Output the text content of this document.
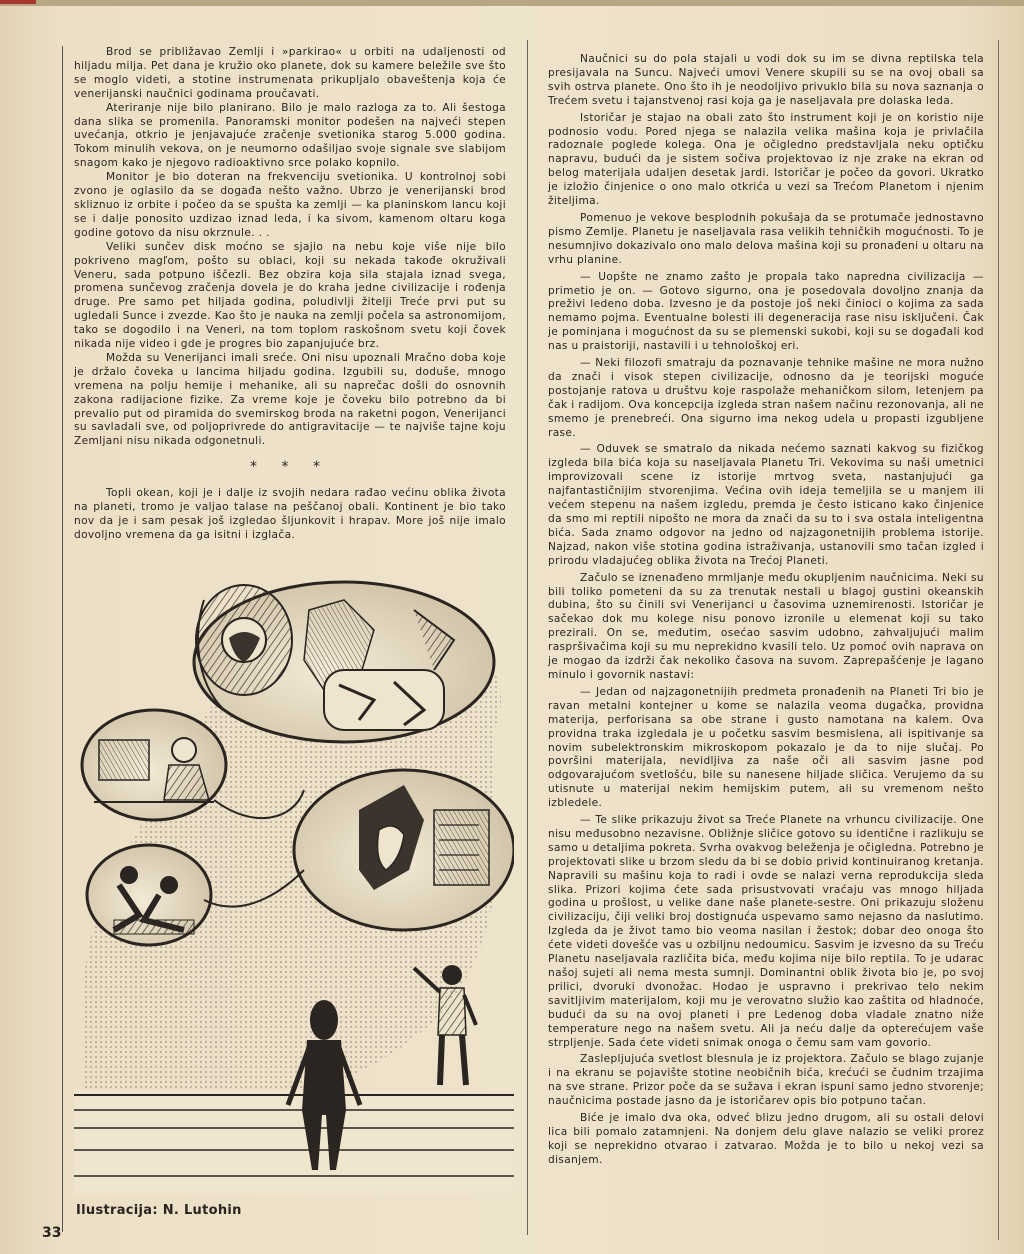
Brod se približavao Zemlji i »parkirao« u orbiti na udaljenosti od hiljadu milja. Pet dana je kružio oko planete, dok su kamere beležile sve što se moglo videti, a stotine instrumenata prikupljalo obaveštenja koja će venerijanski naučnici godinama proučavati.

Ateriranje nije bilo planirano. Bilo je malo razloga za to. Ali šestoga dana slika se promenila. Panoramski monitor podešen na najveći stepen uvećanja, otkrio je jenjavajuće zračenje svetionika starog 5.000 godina. Tokom minulih vekova, on je neumorno odašiljao svoje signale sve slabijom snagom kako je njegovo radioaktivno srce polako kopnilo.

Monitor je bio doteran na frekvenciju svetionika. U kontrolnoj sobi zvono je oglasilo da se događa nešto važno. Ubrzo je venerijanski brod skliznuo iz orbite i počeo da se spušta ka zemlji — ka planinskom lancu koji se i dalje ponosito uzdizao iznad leda, i ka sivom, kamenom oltaru koga godine gotovo da nisu okrznule. . .

Veliki sunčev disk moćno se sjajio na nebu koje više nije bilo pokriveno magľom, pošto su oblaci, koji su nekada takođe okruživali Veneru, sada potpuno iščezli. Bez obzira koja sila stajala iznad svega, promena sunčevog zračenja dovela je do kraha jedne civilizacije i rođenja druge. Pre samo pet hiljada godina, poludivlji žitelji Treće prvi put su ugledali Sunce i zvezde. Kao što je nauka na zemlji počela sa astronomijom, tako se dogodilo i na Veneri, na tom toplom raskošnom svetu koji čovek nikada nije video i gde je progres bio zapanjujuće brz.

Možda su Venerijanci imali sreće. Oni nisu upoznali Mračno doba koje je držalo čoveka u lancima hiljadu godina. Izgubili su, doduše, mnogo vremena na polju hemije i mehanike, ali su naprečac došli do osnovnih zakona radijacione fizike. Za vreme koje je čoveku bilo potrebno da bi prevalio put od piramida do svemirskog broda na raketni pogon, Venerijanci su savladali sve, od poljoprivrede do antigravitacije — te najviše tajne koju Zemljani nisu nikada odgonetnuli.

* * *

Topli okean, koji je i dalje iz svojih nedara rađao većinu oblika života na planeti, tromo je valjao talase na peščanoj obali. Kontinent je bio tako nov da je i sam pesak još izgledao šljunkovit i hrapav. More još nije imalo dovoljno vremena da ga isitni i izglača.

Naučnici su do pola stajali u vodi dok su im se divna reptilska tela presijavala na Suncu. Najveći umovi Venere skupili su se na ovoj obali sa svih ostrva planete. Ono što ih je neodoljivo privuklo bila su nova saznanja o Trećem svetu i tajanstvenoj rasi koja ga je naseljavala pre dolaska leda.

Istoričar je stajao na obali zato što instrument koji je on koristio nije podnosio vodu. Pored njega se nalazila velika mašina koja je privlačila radoznale poglede kolega. Ona je očigledno predstavljala neku optičku napravu, budući da je sistem sočiva projektovao iz nje zrake na ekran od belog materijala udaljen desetak jardi. Istoričar je počeo da govori. Ukratko je izložio činjenice o ono malo otkrića u vezi sa Trećom Planetom i njenim žiteljima.

Pomenuo je vekove besplodnih pokušaja da se protumače jednostavno pismo Zemlje. Planetu je naseljavala rasa velikih tehničkih mogućnosti. To je nesumnjivo dokazivalo ono malo delova mašina koji su pronađeni u oltaru na vrhu planine.

— Uopšte ne znamo zašto je propala tako napredna civilizacija — primetio je on. — Gotovo sigurno, ona je posedovala dovoljno znanja da preživi ledeno doba. Izvesno je da postoje još neki činioci o kojima za sada nemamo pojma. Eventualne bolesti ili degeneracija rase nisu isključeni. Čak je pominjana i mogućnost da su se plemenski sukobi, koji su se događali kod nas u praistoriji, nastavili i u tehnološkoj eri.

— Neki filozofi smatraju da poznavanje tehnike mašine ne mora nužno da znači i visok stepen civilizacije, odnosno da je teorijski moguće postojanje ratova u društvu koje raspolaže mehaničkom silom, letenjem pa čak i radijom. Ova koncepcija izgleda stran našem načinu rezonovanja, ali ne smemo je prenebreći. Ona sigurno ima nekog udela u propasti izgubljene rase.

— Oduvek se smatralo da nikada nećemo saznati kakvog su fizičkog izgleda bila bića koja su naseljavala Planetu Tri. Vekovima su naši umetnici improvizovali scene iz istorije mrtvog sveta, nastanjujući ga najfantastičnijim stvorenjima. Većina ovih ideja temeljila se u manjem ili većem stepenu na našem izgledu, premda je često isticano kako činjenice da smo mi reptili nipošto ne mora da znači da su to i sva ostala inteligentna bića. Sada znamo odgovor na jedno od najzagonetnijih problema istorije. Najzad, nakon više stotina godina istraživanja, ustanovili smo tačan izgled i prirodu vladajućeg oblika života na Trećoj Planeti.

Začulo se iznenađeno mrmljanje među okupljenim naučnicima. Neki su bili toliko pometeni da su za trenutak nestali u blagoj gustini okeanskih dubina, što su činili svi Venerijanci u časovima uznemirenosti. Istoričar je sačekao dok mu kolege nisu ponovo izronile u elemenat koji su tako prezirali. On se, međutim, osećao sasvim udobno, zahvaljujući malim raspršivačima koji su mu neprekidno kvasili telo. Uz pomoć ovih naprava on je mogao da izdrži čak nekoliko časova na suvom. Zaprepašćenje je lagano minulo i govornik nastavi:

— Jedan od najzagonetnijih predmeta pronađenih na Planeti Tri bio je ravan metalni kontejner u kome se nalazila veoma dugačka, providna materija, perforisana sa obe strane i gusto namotana na kalem. Ova providna traka izgledala je u početku sasvim besmislena, ali ispitivanje sa novim subelektronskim mikroskopom pokazalo je da to nije slučaj. Po površini materijala, nevidljiva za naše oči ali sasvim jasne pod odgovarajućom svetlošću, bile su nanesene hiljade sličica. Verujemo da su utisnute u materijal nekim hemijskim putem, ali su vremenom nešto izbledele.

— Te slike prikazuju život sa Treće Planete na vrhuncu civilizacije. One nisu međusobno nezavisne. Obližnje sličice gotovo su identične i razlikuju se samo u detaljima pokreta. Svrha ovakvog beleženja je očigledna. Potrebno je projektovati slike u brzom sledu da bi se dobio privid kontinuiranog kretanja. Napravili su mašinu koja to radi i ovde se nalazi vernа reprodukcija sleda slika. Prizori kojima ćete sada prisustvovati vraćaju vas mnogo hiljada godina u prošlost, u velike dane naše planete-sestre. Oni prikazuju složenu civilizaciju, čiji veliki broj dostignuća uspevamo samo nejasno da naslutimo. Izgleda da je život tamo bio veoma nasilan i žestok; dobar deo onoga što ćete videti dovešće vas u ozbiljnu nedoumicu. Sasvim je izvesno da su Treću Planetu naseljavala različita bića, među kojima nije bilo reptila. To je udarac našoj sujeti ali nema mesta sumnji. Dominantni oblik života bio je, po svoj prilici, dvoruki dvonožac. Hodao je uspravno i prekrivao telo nekim savitljivim materijalom, koji mu je verovatno služio kao zaštita od hladnoće, budući da su na ovoj planeti i pre Ledenog doba vladale znatno niže temperature nego na našem svetu. Ali ja neću dalje da opterećujem vaše strpljenje. Sada ćete videti snimak onoga o čemu sam vam govorio.

Zaslepljujuća svetlost blesnula je iz projektora. Začulo se blago zujanje i na ekranu se pojavište stotine neobičnih bića, krećući se čudnim trzajima na sve strane. Prizor poče da se sužava i ekran ispuni samo jedno stvorenje; naučnicima postade jasno da je istoričarev opis bio potpuno tačan.

Biće je imalo dva oka, odveć blizu jedno drugom, ali su ostali delovi lica bili pomalo zatamnjeni. Na donjem delu glave nalazio se veliki prorez koji se neprekidno otvarao i zatvarao. Možda je to bilo u nekoj vezi sa disanjem.

Ilustracija: N. Lutohin
33
